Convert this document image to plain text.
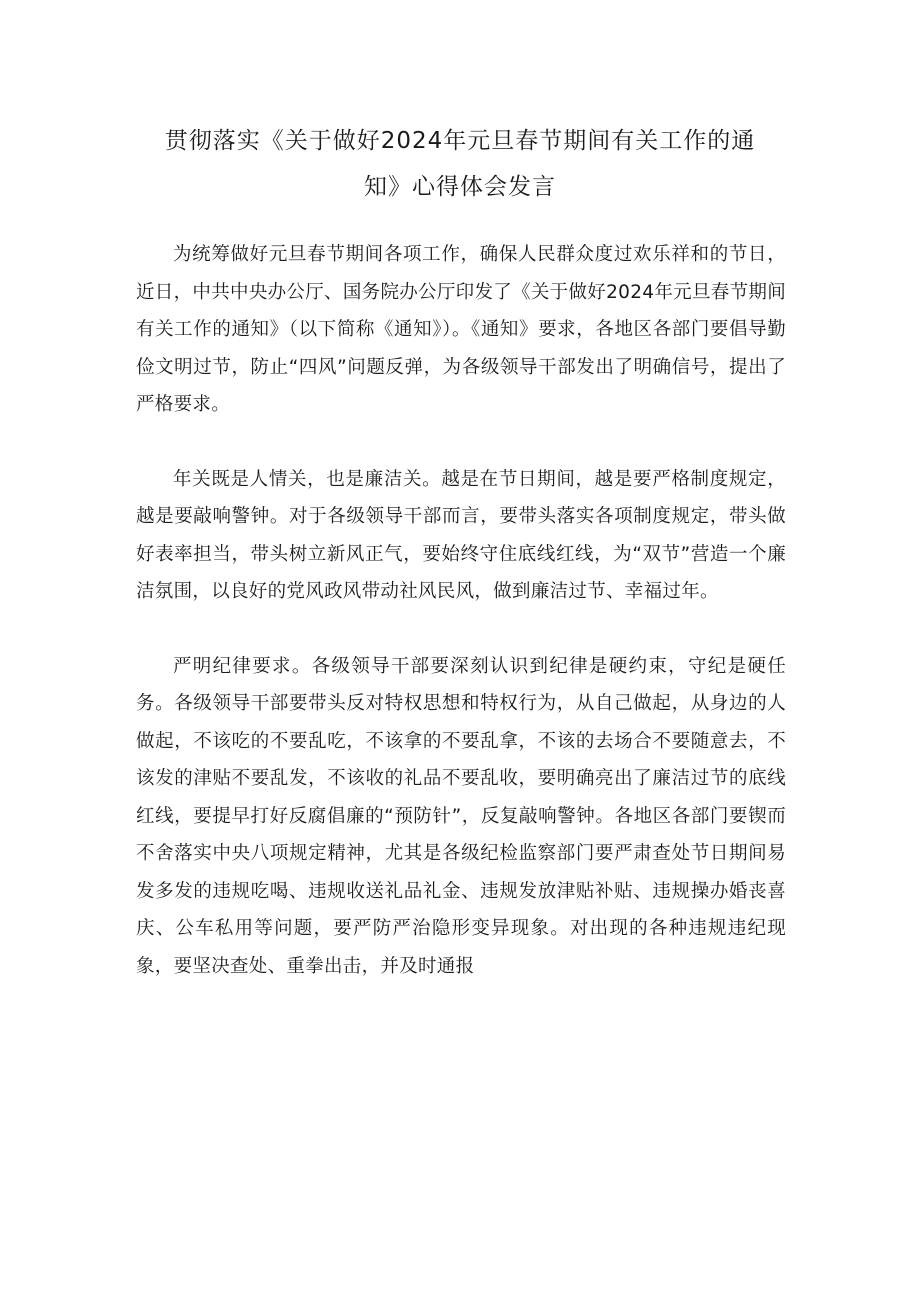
贯彻落实《关于做好2024年元旦春节期间有关工作的通
知》心得体会发言

为统筹做好元旦春节期间各项工作，确保人民群众度过欢乐祥和的节日，近日，中共中央办公厅、国务院办公厅印发了《关于做好2024年元旦春节期间有关工作的通知》（以下简称《通知》）。《通知》要求，各地区各部门要倡导勤俭文明过节，防止“四风”问题反弹，为各级领导干部发出了明确信号，提出了严格要求。

年关既是人情关，也是廉洁关。越是在节日期间，越是要严格制度规定，越是要敲响警钟。对于各级领导干部而言，要带头落实各项制度规定，带头做好表率担当，带头树立新风正气，要始终守住底线红线，为“双节”营造一个廉洁氛围，以良好的党风政风带动社风民风，做到廉洁过节、幸福过年。

严明纪律要求。各级领导干部要深刻认识到纪律是硬约束，守纪是硬任务。各级领导干部要带头反对特权思想和特权行为，从自己做起，从身边的人做起，不该吃的不要乱吃，不该拿的不要乱拿，不该的去场合不要随意去，不该发的津贴不要乱发，不该收的礼品不要乱收，要明确亮出了廉洁过节的底线红线，要提早打好反腐倡廉的“预防针”，反复敲响警钟。各地区各部门要锲而不舍落实中央八项规定精神，尤其是各级纪检监察部门要严肃查处节日期间易发多发的违规吃喝、违规收送礼品礼金、违规发放津贴补贴、违规操办婚丧喜庆、公车私用等问题，要严防严治隐形变异现象。对出现的各种违规违纪现象，要坚决查处、重拳出击，并及时通报
